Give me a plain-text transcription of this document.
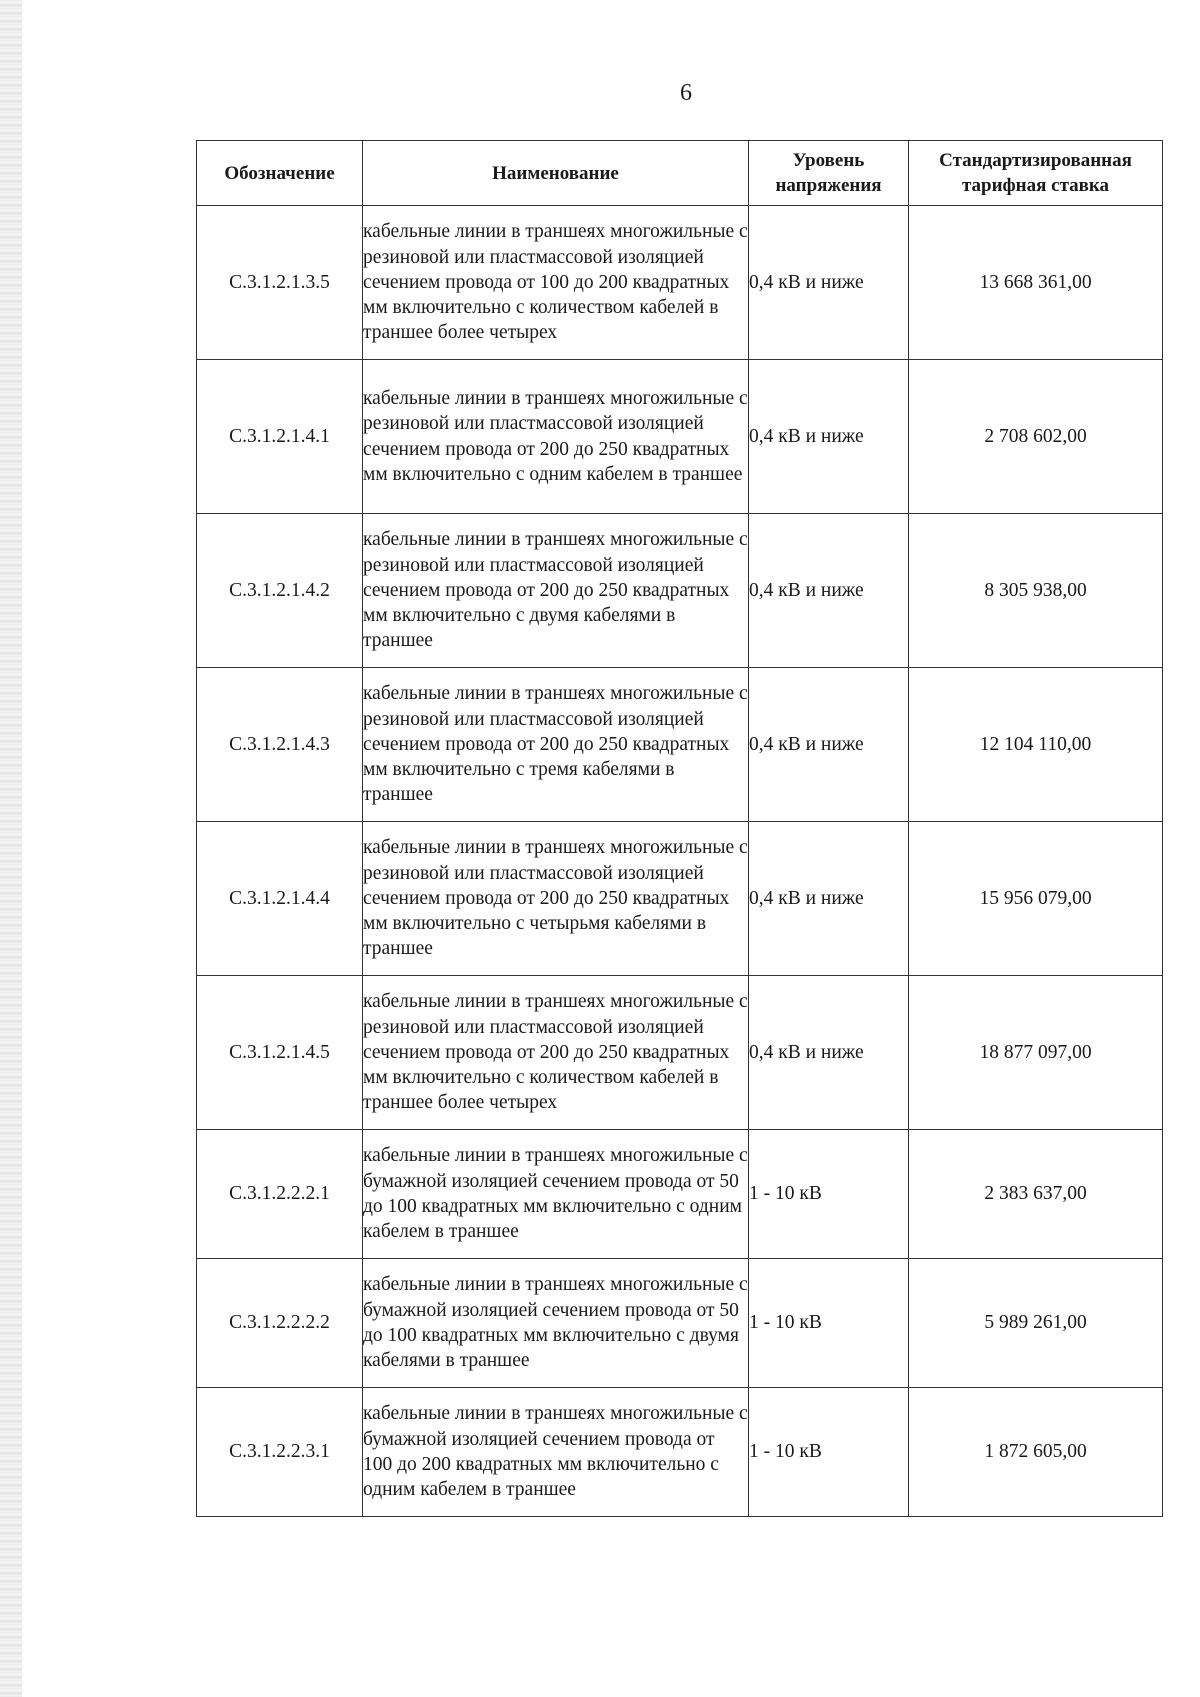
6
Обозначение	Наименование	Уровень напряжения	Стандартизированная тарифная ставка
С.3.1.2.1.3.5	кабельные линии в траншеях многожильные с резиновой или пластмассовой изоляцией сечением провода от 100 до 200 квадратных мм включительно с количеством кабелей в траншее более четырех	0,4 кВ и ниже	13 668 361,00
С.3.1.2.1.4.1	кабельные линии в траншеях многожильные с резиновой или пластмассовой изоляцией сечением провода от 200 до 250 квадратных мм включительно с одним кабелем в траншее	0,4 кВ и ниже	2 708 602,00
С.3.1.2.1.4.2	кабельные линии в траншеях многожильные с резиновой или пластмассовой изоляцией сечением провода от 200 до 250 квадратных мм включительно с двумя кабелями в траншее	0,4 кВ и ниже	8 305 938,00
С.3.1.2.1.4.3	кабельные линии в траншеях многожильные с резиновой или пластмассовой изоляцией сечением провода от 200 до 250 квадратных мм включительно с тремя кабелями в траншее	0,4 кВ и ниже	12 104 110,00
С.3.1.2.1.4.4	кабельные линии в траншеях многожильные с резиновой или пластмассовой изоляцией сечением провода от 200 до 250 квадратных мм включительно с четырьмя кабелями в траншее	0,4 кВ и ниже	15 956 079,00
С.3.1.2.1.4.5	кабельные линии в траншеях многожильные с резиновой или пластмассовой изоляцией сечением провода от 200 до 250 квадратных мм включительно с количеством кабелей в траншее более четырех	0,4 кВ и ниже	18 877 097,00
С.3.1.2.2.2.1	кабельные линии в траншеях многожильные с бумажной изоляцией сечением провода от 50 до 100 квадратных мм включительно с одним кабелем в траншее	1 - 10 кВ	2 383 637,00
С.3.1.2.2.2.2	кабельные линии в траншеях многожильные с бумажной изоляцией сечением провода от 50 до 100 квадратных мм включительно с двумя кабелями в траншее	1 - 10 кВ	5 989 261,00
С.3.1.2.2.3.1	кабельные линии в траншеях многожильные с бумажной изоляцией сечением провода от 100 до 200 квадратных мм включительно с одним кабелем в траншее	1 - 10 кВ	1 872 605,00
